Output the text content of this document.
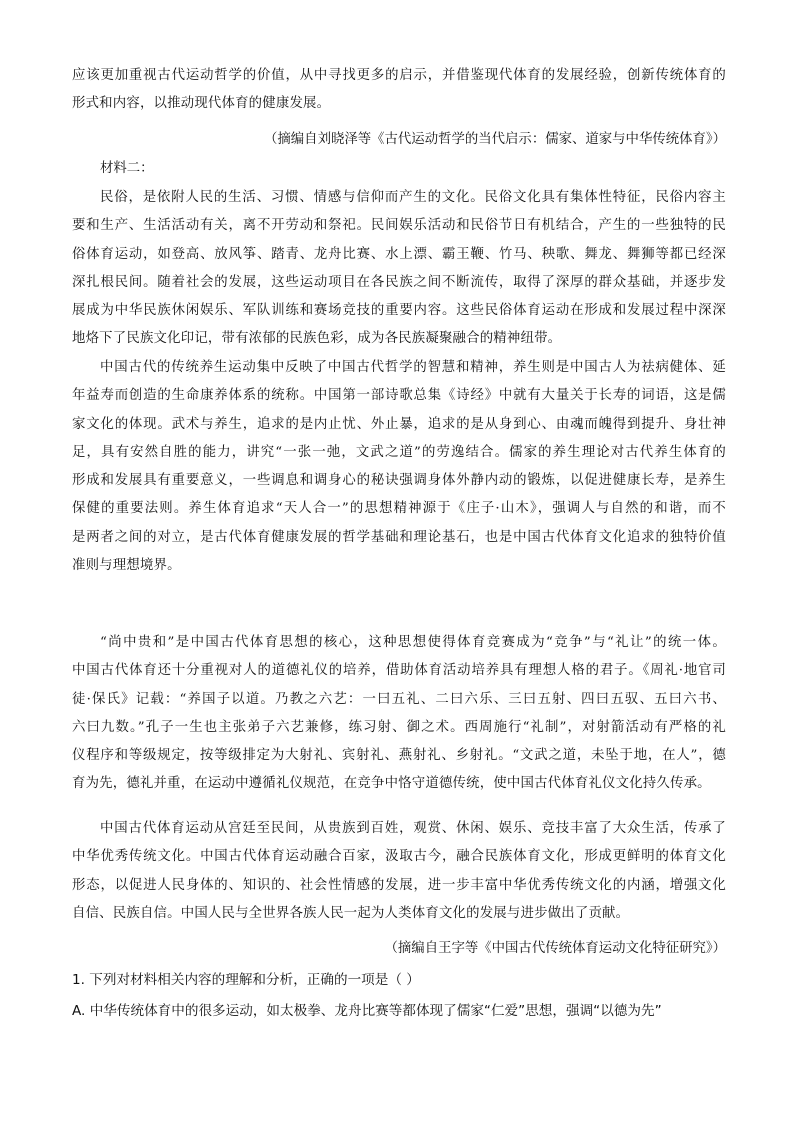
应该更加重视古代运动哲学的价值，从中寻找更多的启示，并借鉴现代体育的发展经验，创新传统体育的
形式和内容，以推动现代体育的健康发展。

（摘编自刘晓泽等《古代运动哲学的当代启示：儒家、道家与中华传统体育》）
材料二：

民俗，是依附人民的生活、习惯、情感与信仰而产生的文化。民俗文化具有集体性特征，民俗内容主
要和生产、生活活动有关，离不开劳动和祭祀。民间娱乐活动和民俗节日有机结合，产生的一些独特的民
俗体育运动，如登高、放风筝、踏青、龙舟比赛、水上漂、霸王鞭、竹马、秧歌、舞龙、舞狮等都已经深
深扎根民间。随着社会的发展，这些运动项目在各民族之间不断流传，取得了深厚的群众基础，并逐步发
展成为中华民族休闲娱乐、军队训练和赛场竞技的重要内容。这些民俗体育运动在形成和发展过程中深深
地烙下了民族文化印记，带有浓郁的民族色彩，成为各民族凝聚融合的精神纽带。

中国古代的传统养生运动集中反映了中国古代哲学的智慧和精神，养生则是中国古人为祛病健体、延
年益寿而创造的生命康养体系的统称。中国第一部诗歌总集《诗经》中就有大量关于长寿的词语，这是儒
家文化的体现。武术与养生，追求的是内止忧、外止暴，追求的是从身到心、由魂而魄得到提升、身壮神
足，具有安然自胜的能力，讲究“一张一弛，文武之道”的劳逸结合。儒家的养生理论对古代养生体育的
形成和发展具有重要意义，一些调息和调身心的秘诀强调身体外静内动的锻炼，以促进健康长寿，是养生
保健的重要法则。养生体育追求“天人合一”的思想精神源于《庄子·山木》，强调人与自然的和谐，而不
是两者之间的对立，是古代体育健康发展的哲学基础和理论基石，也是中国古代体育文化追求的独特价值
准则与理想境界。

“尚中贵和”是中国古代体育思想的核心，这种思想使得体育竞赛成为“竞争”与“礼让”的统一体。
中国古代体育还十分重视对人的道德礼仪的培养，借助体育活动培养具有理想人格的君子。《周礼·地官司
徒·保氏》记载：“养国子以道。乃教之六艺：一曰五礼、二曰六乐、三曰五射、四曰五驭、五曰六书、
六曰九数。”孔子一生也主张弟子六艺兼修，练习射、御之术。西周施行“礼制”，对射箭活动有严格的礼
仪程序和等级规定，按等级排定为大射礼、宾射礼、燕射礼、乡射礼。“文武之道，未坠于地，在人”，德
育为先，德礼并重，在运动中遵循礼仪规范，在竞争中恪守道德传统，使中国古代体育礼仪文化持久传承。

中国古代体育运动从宫廷至民间，从贵族到百姓，观赏、休闲、娱乐、竞技丰富了大众生活，传承了
中华优秀传统文化。中国古代体育运动融合百家，汲取古今，融合民族体育文化，形成更鲜明的体育文化
形态，以促进人民身体的、知识的、社会性情感的发展，进一步丰富中华优秀传统文化的内涵，增强文化
自信、民族自信。中国人民与全世界各族人民一起为人类体育文化的发展与进步做出了贡献。

（摘编自王字等《中国古代传统体育运动文化特征研究》）
1. 下列对材料相关内容的理解和分析，正确的一项是（ ）
A. 中华传统体育中的很多运动，如太极拳、龙舟比赛等都体现了儒家“仁爱”思想，强调“以德为先”
